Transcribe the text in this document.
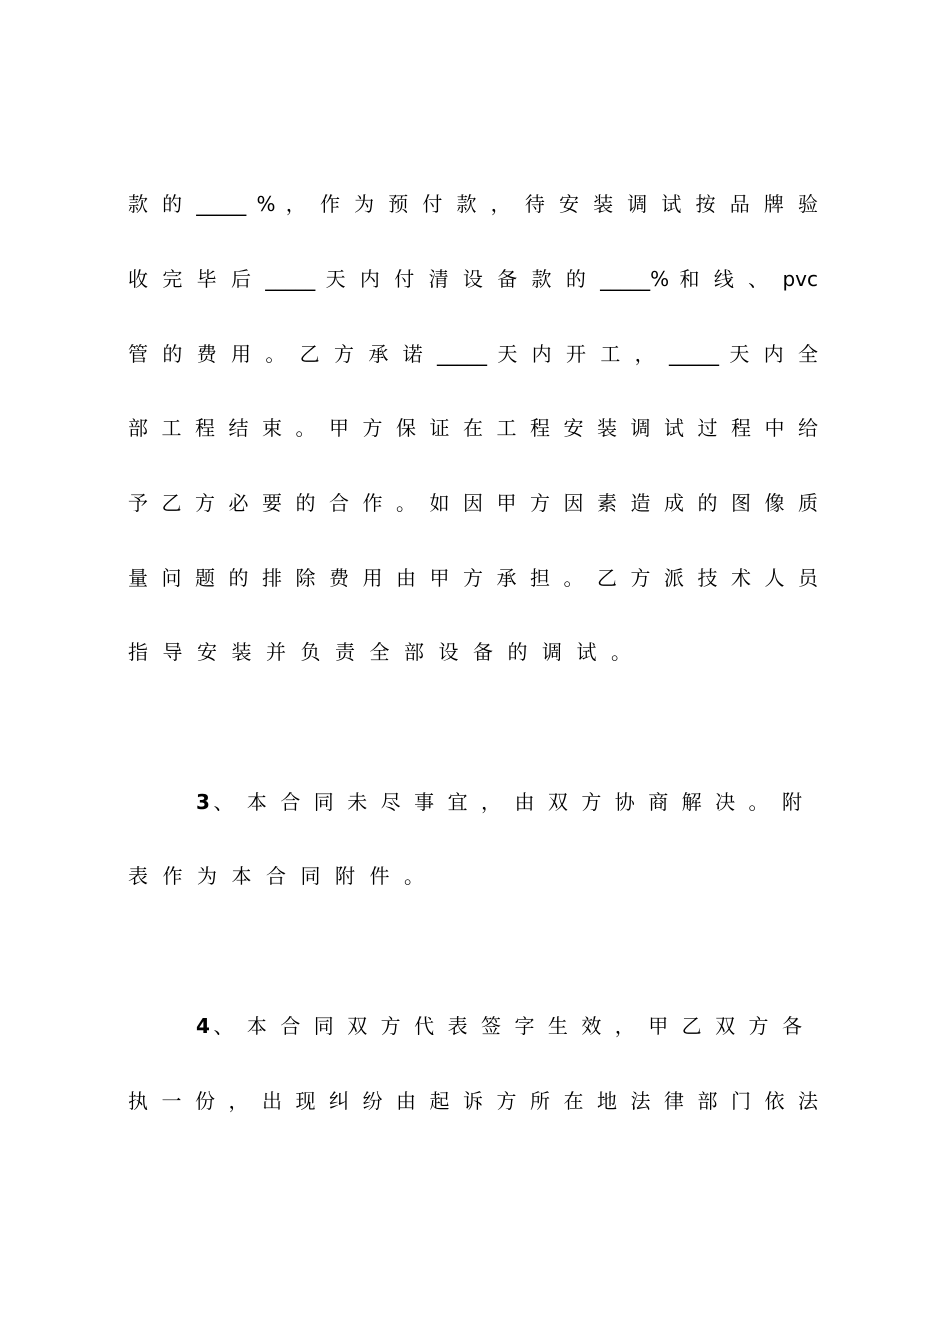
款 的 _____ % ， 作 为 预 付 款 ， 待 安 装 调 试 按 品 牌 验
收 完 毕 后 _____ 天 内 付 清 设 备 款 的 _____% 和 线 、 pvc
管 的 费 用 。 乙 方 承 诺 _____ 天 内 开 工 ， _____ 天 内 全
部 工 程 结 束 。 甲 方 保 证 在 工 程 安 装 调 试 过 程 中 给
予 乙 方 必 要 的 合 作 。 如 因 甲 方 因 素 造 成 的 图 像 质
量 问 题 的 排 除 费 用 由 甲 方 承 担 。 乙 方 派 技 术 人 员
指导安装并负责全部设备的调试。
3、 本 合 同 未 尽 事 宜 ， 由 双 方 协 商 解 决 。 附
表作为本合同附件。
4、 本 合 同 双 方 代 表 签 字 生 效 ， 甲 乙 双 方 各
执 一 份 ， 出 现 纠 纷 由 起 诉 方 所 在 地 法 律 部 门 依 法
